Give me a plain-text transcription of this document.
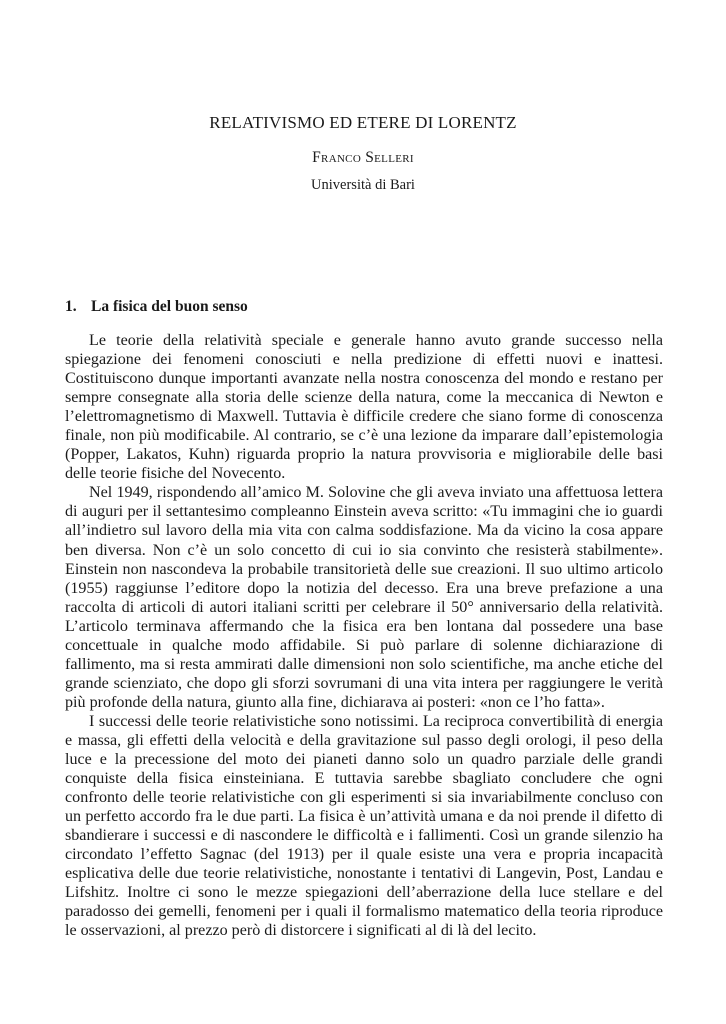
RELATIVISMO ED ETERE DI LORENTZ
Franco Selleri
Università di Bari
1. La fisica del buon senso

Le teorie della relatività speciale e generale hanno avuto grande successo nella spiegazione dei fenomeni conosciuti e nella predizione di effetti nuovi e inattesi. Costituiscono dunque importanti avanzate nella nostra conoscenza del mondo e restano per sempre consegnate alla storia delle scienze della natura, come la meccanica di Newton e l’elettromagnetismo di Maxwell. Tuttavia è difficile credere che siano forme di conoscenza finale, non più modificabile. Al contrario, se c’è una lezione da imparare dall’epistemologia (Popper, Lakatos, Kuhn) riguarda proprio la natura provvisoria e migliorabile delle basi delle teorie fisiche del Novecento.

Nel 1949, rispondendo all’amico M. Solovine che gli aveva inviato una affettuosa lettera di auguri per il settantesimo compleanno Einstein aveva scritto: «Tu immagini che io guardi all’indietro sul lavoro della mia vita con calma soddisfazione. Ma da vicino la cosa appare ben diversa. Non c’è un solo concetto di cui io sia convinto che resisterà stabilmente». Einstein non nascondeva la probabile transitorietà delle sue creazioni. Il suo ultimo articolo (1955) raggiunse l’editore dopo la notizia del decesso. Era una breve prefazione a una raccolta di articoli di autori italiani scritti per celebrare il 50° anniversario della relatività. L’articolo terminava affermando che la fisica era ben lontana dal possedere una base concettuale in qualche modo affidabile. Si può parlare di solenne dichiarazione di fallimento, ma si resta ammirati dalle dimensioni non solo scientifiche, ma anche etiche del grande scienziato, che dopo gli sforzi sovrumani di una vita intera per raggiungere le verità più profonde della natura, giunto alla fine, dichiarava ai posteri: «non ce l’ho fatta».

I successi delle teorie relativistiche sono notissimi. La reciproca convertibilità di energia e massa, gli effetti della velocità e della gravitazione sul passo degli orologi, il peso della luce e la precessione del moto dei pianeti danno solo un quadro parziale delle grandi conquiste della fisica einsteiniana. E tuttavia sarebbe sbagliato concludere che ogni confronto delle teorie relativistiche con gli esperimenti si sia invariabilmente concluso con un perfetto accordo fra le due parti. La fisica è un’attività umana e da noi prende il difetto di sbandierare i successi e di nascondere le difficoltà e i fallimenti. Così un grande silenzio ha circondato l’effetto Sagnac (del 1913) per il quale esiste una vera e propria incapacità esplicativa delle due teorie relativistiche, nonostante i tentativi di Langevin, Post, Landau e Lifshitz. Inoltre ci sono le mezze spiegazioni dell’aberrazione della luce stellare e del paradosso dei gemelli, fenomeni per i quali il formalismo matematico della teoria riproduce le osservazioni, al prezzo però di distorcere i significati al di là del lecito.
